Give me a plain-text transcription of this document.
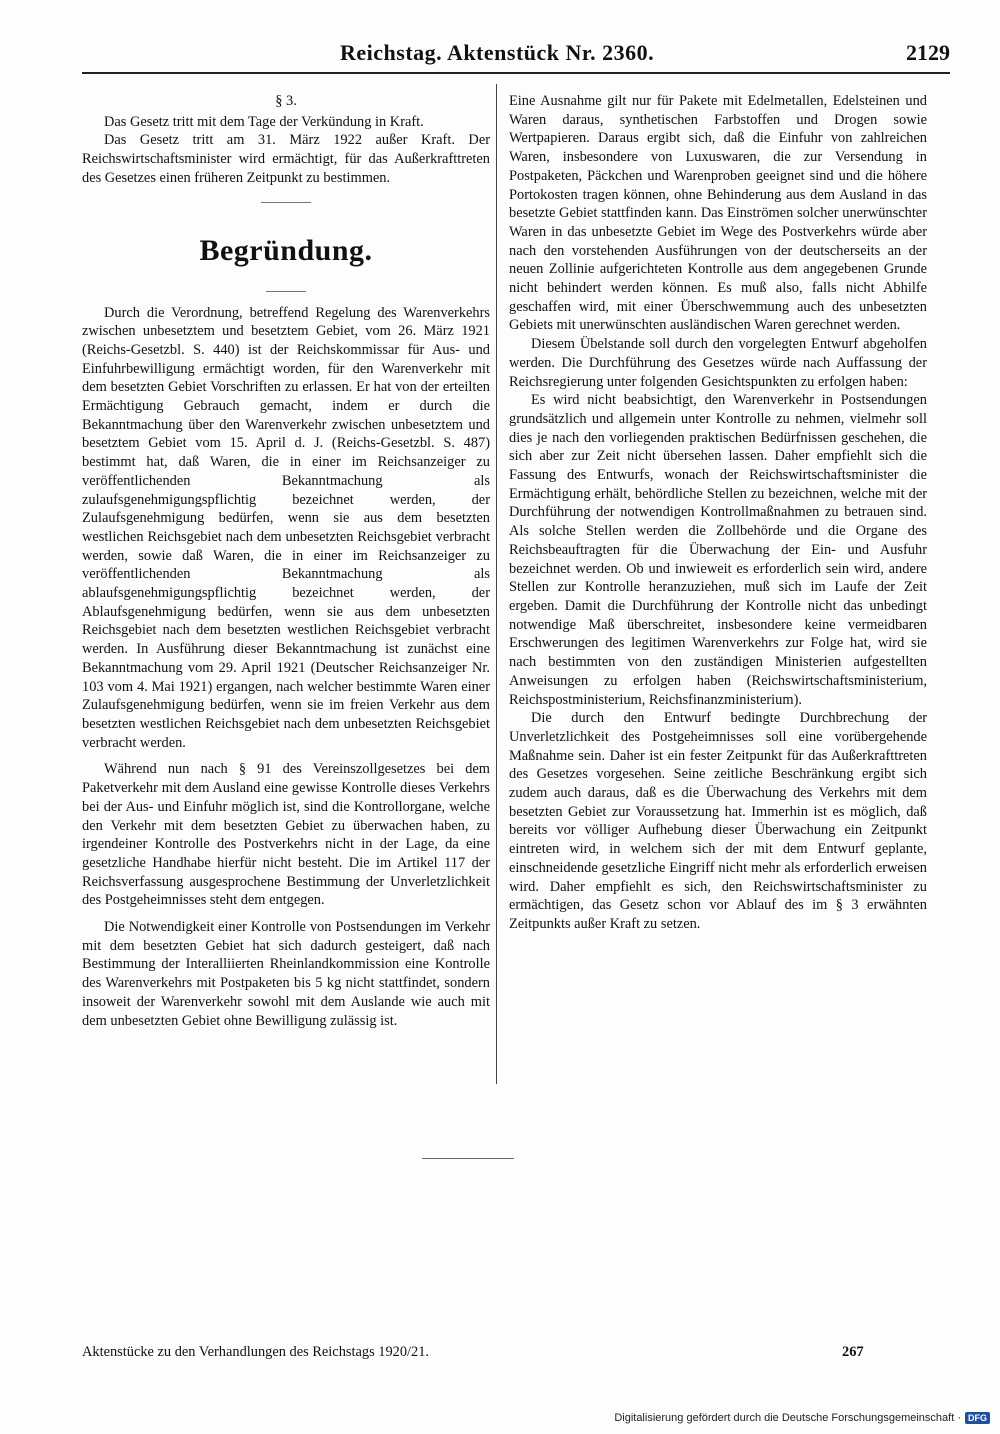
Reichstag. Aktenstück Nr. 2360.	2129

§ 3.

Das Gesetz tritt mit dem Tage der Verkündung in Kraft.

Das Gesetz tritt am 31. März 1922 außer Kraft. Der Reichswirtschaftsminister wird ermächtigt, für das Außerkrafttreten des Gesetzes einen früheren Zeitpunkt zu bestimmen.

Begründung.

Durch die Verordnung, betreffend Regelung des Warenverkehrs zwischen unbesetztem und besetztem Gebiet, vom 26. März 1921 (Reichs-Gesetzbl. S. 440) ist der Reichskommissar für Aus- und Einfuhrbewilligung ermächtigt worden, für den Warenverkehr mit dem besetzten Gebiet Vorschriften zu erlassen. Er hat von der erteilten Ermächtigung Gebrauch gemacht, indem er durch die Bekanntmachung über den Warenverkehr zwischen unbesetztem und besetztem Gebiet vom 15. April d. J. (Reichs-Gesetzbl. S. 487) bestimmt hat, daß Waren, die in einer im Reichsanzeiger zu veröffentlichenden Bekanntmachung als zulaufsgenehmigungspflichtig bezeichnet werden, der Zulaufsgenehmigung bedürfen, wenn sie aus dem besetzten westlichen Reichsgebiet nach dem unbesetzten Reichsgebiet verbracht werden, sowie daß Waren, die in einer im Reichsanzeiger zu veröffentlichenden Bekanntmachung als ablaufsgenehmigungspflichtig bezeichnet werden, der Ablaufsgenehmigung bedürfen, wenn sie aus dem unbesetzten Reichsgebiet nach dem besetzten westlichen Reichsgebiet verbracht werden. In Ausführung dieser Bekanntmachung ist zunächst eine Bekanntmachung vom 29. April 1921 (Deutscher Reichsanzeiger Nr. 103 vom 4. Mai 1921) ergangen, nach welcher bestimmte Waren einer Zulaufsgenehmigung bedürfen, wenn sie im freien Verkehr aus dem besetzten westlichen Reichsgebiet nach dem unbesetzten Reichsgebiet verbracht werden.

Während nun nach § 91 des Vereinszollgesetzes bei dem Paketverkehr mit dem Ausland eine gewisse Kontrolle dieses Verkehrs bei der Aus- und Einfuhr möglich ist, sind die Kontrollorgane, welche den Verkehr mit dem besetzten Gebiet zu überwachen haben, zu irgendeiner Kontrolle des Postverkehrs nicht in der Lage, da eine gesetzliche Handhabe hierfür nicht besteht. Die im Artikel 117 der Reichsverfassung ausgesprochene Bestimmung der Unverletzlichkeit des Postgeheimnisses steht dem entgegen.

Die Notwendigkeit einer Kontrolle von Postsendungen im Verkehr mit dem besetzten Gebiet hat sich dadurch gesteigert, daß nach Bestimmung der Interalliierten Rheinlandkommission eine Kontrolle des Warenverkehrs mit Postpaketen bis 5 kg nicht stattfindet, sondern insoweit der Warenverkehr sowohl mit dem Auslande wie auch mit dem unbesetzten Gebiet ohne Bewilligung zulässig ist.

Eine Ausnahme gilt nur für Pakete mit Edelmetallen, Edelsteinen und Waren daraus, synthetischen Farbstoffen und Drogen sowie Wertpapieren. Daraus ergibt sich, daß die Einfuhr von zahlreichen Waren, insbesondere von Luxuswaren, die zur Versendung in Postpaketen, Päckchen und Warenproben geeignet sind und die höhere Portokosten tragen können, ohne Behinderung aus dem Ausland in das besetzte Gebiet stattfinden kann. Das Einströmen solcher unerwünschter Waren in das unbesetzte Gebiet im Wege des Postverkehrs würde aber nach den vorstehenden Ausführungen von der deutscherseits an der neuen Zollinie aufgerichteten Kontrolle aus dem angegebenen Grunde nicht behindert werden können. Es muß also, falls nicht Abhilfe geschaffen wird, mit einer Überschwemmung auch des unbesetzten Gebiets mit unerwünschten ausländischen Waren gerechnet werden.

Diesem Übelstande soll durch den vorgelegten Entwurf abgeholfen werden. Die Durchführung des Gesetzes würde nach Auffassung der Reichsregierung unter folgenden Gesichtspunkten zu erfolgen haben:

Es wird nicht beabsichtigt, den Warenverkehr in Postsendungen grundsätzlich und allgemein unter Kontrolle zu nehmen, vielmehr soll dies je nach den vorliegenden praktischen Bedürfnissen geschehen, die sich aber zur Zeit nicht übersehen lassen. Daher empfiehlt sich die Fassung des Entwurfs, wonach der Reichswirtschaftsminister die Ermächtigung erhält, behördliche Stellen zu bezeichnen, welche mit der Durchführung der notwendigen Kontrollmaßnahmen zu betrauen sind. Als solche Stellen werden die Zollbehörde und die Organe des Reichsbeauftragten für die Überwachung der Ein- und Ausfuhr bezeichnet werden. Ob und inwieweit es erforderlich sein wird, andere Stellen zur Kontrolle heranzuziehen, muß sich im Laufe der Zeit ergeben. Damit die Durchführung der Kontrolle nicht das unbedingt notwendige Maß überschreitet, insbesondere keine vermeidbaren Erschwerungen des legitimen Warenverkehrs zur Folge hat, wird sie nach bestimmten von den zuständigen Ministerien aufgestellten Anweisungen zu erfolgen haben (Reichswirtschaftsministerium, Reichspostministerium, Reichsfinanzministerium).

Die durch den Entwurf bedingte Durchbrechung der Unverletzlichkeit des Postgeheimnisses soll eine vorübergehende Maßnahme sein. Daher ist ein fester Zeitpunkt für das Außerkrafttreten des Gesetzes vorgesehen. Seine zeitliche Beschränkung ergibt sich zudem auch daraus, daß es die Überwachung des Verkehrs mit dem besetzten Gebiet zur Voraussetzung hat. Immerhin ist es möglich, daß bereits vor völliger Aufhebung dieser Überwachung ein Zeitpunkt eintreten wird, in welchem sich der mit dem Entwurf geplante, einschneidende gesetzliche Eingriff nicht mehr als erforderlich erweisen wird. Daher empfiehlt es sich, den Reichswirtschaftsminister zu ermächtigen, das Gesetz schon vor Ablauf des im § 3 erwähnten Zeitpunkts außer Kraft zu setzen.

Aktenstücke zu den Verhandlungen des Reichstags 1920/21.	267
Digitalisierung gefördert durch die Deutsche Forschungsgemeinschaft · DFG
